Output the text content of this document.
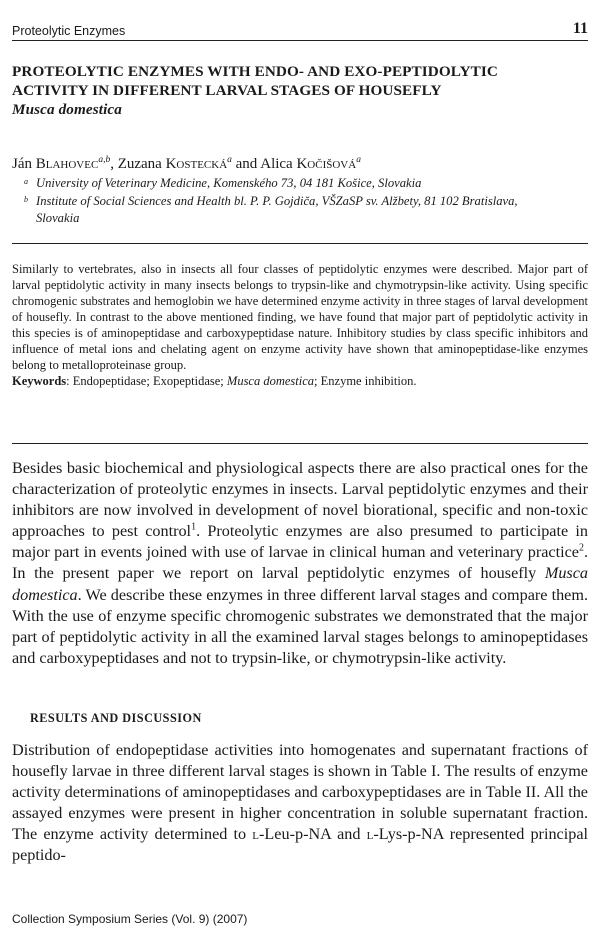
Proteolytic Enzymes	11
PROTEOLYTIC ENZYMES WITH ENDO- AND EXO-PEPTIDOLYTIC
ACTIVITY IN DIFFERENT LARVAL STAGES OF HOUSEFLY
Musca domestica
Ján Blahovec$^{a,b}$, Zuzana Kostecká$^a$ and Alica Kočišová$^a$
a University of Veterinary Medicine, Komenského 73, 04 181 Košice, Slovakia
b Institute of Social Sciences and Health bl. P. P. Gojdiča, VŠZaSP sv. Alžbety, 81 102 Bratislava, Slovakia
Similarly to vertebrates, also in insects all four classes of peptidolytic enzymes were described. Major part of larval peptidolytic activity in many insects belongs to trypsin-like and chymotrypsin-like activity. Using specific chromogenic substrates and hemoglobin we have determined enzyme activity in three stages of larval development of housefly. In contrast to the above mentioned finding, we have found that major part of peptidolytic activity in this species is of aminopeptidase and carboxypeptidase nature. Inhibitory studies by class specific inhibitors and influence of metal ions and chelating agent on enzyme activity have shown that aminopeptidase-like enzymes belong to metalloproteinase group.
Keywords: Endopeptidase; Exopeptidase; Musca domestica; Enzyme inhibition.
Besides basic biochemical and physiological aspects there are also practical ones for the characterization of proteolytic enzymes in insects. Larval peptidolytic enzymes and their inhibitors are now involved in development of novel biorational, specific and non-toxic approaches to pest control$^1$. Proteolytic enzymes are also presumed to participate in major part in events joined with use of larvae in clinical human and veterinary practice$^2$. In the present paper we report on larval peptidolytic enzymes of housefly Musca domestica. We describe these enzymes in three different larval stages and compare them. With the use of enzyme specific chromogenic substrates we demonstrated that the major part of peptidolytic activity in all the examined larval stages belongs to aminopeptidases and carboxypeptidases and not to trypsin-like, or chymotrypsin-like activity.
RESULTS AND DISCUSSION
Distribution of endopeptidase activities into homogenates and supernatant fractions of housefly larvae in three different larval stages is shown in Table I. The results of enzyme activity determinations of aminopeptidases and carboxypeptidases are in Table II. All the assayed enzymes were present in higher concentration in soluble supernatant fraction. The enzyme activity determined to l-Leu-p-NA and l-Lys-p-NA represented principal peptido-
Collection Symposium Series (Vol. 9) (2007)
